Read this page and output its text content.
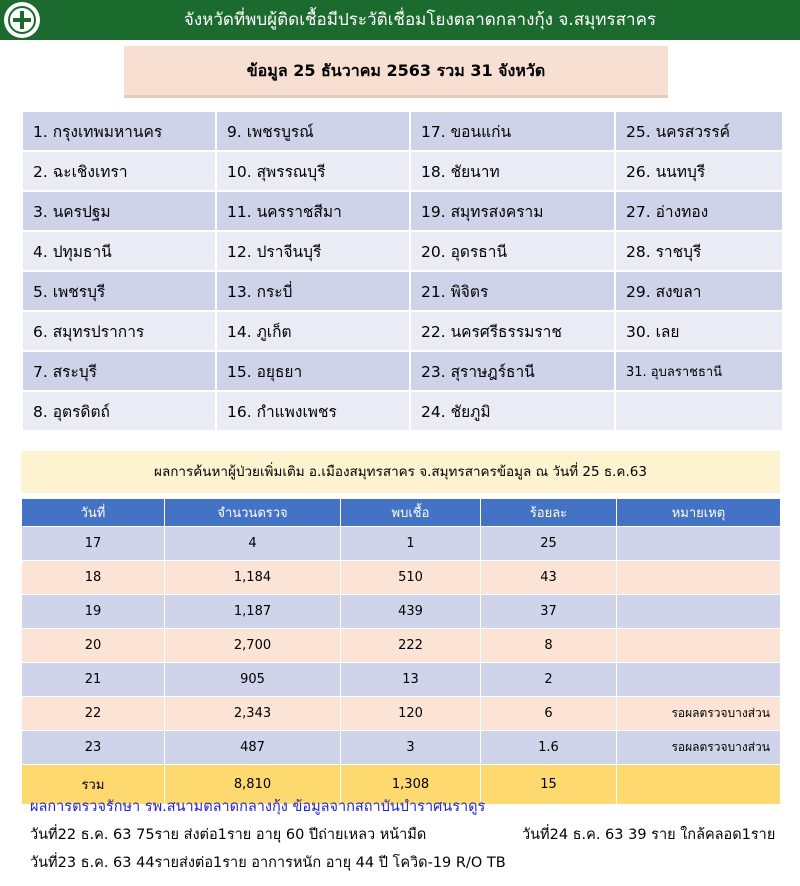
จังหวัดที่พบผู้ติดเชื้อมีประวัติเชื่อมโยงตลาดกลางกุ้ง จ.สมุทรสาคร
ข้อมูล 25 ธันวาคม 2563 รวม 31 จังหวัด
1. กรุงเทพมหานคร	9. เพชรบูรณ์	17. ขอนแก่น	25. นครสวรรค์
2. ฉะเชิงเทรา	10. สุพรรณบุรี	18. ชัยนาท	26. นนทบุรี
3. นครปฐม	11. นครราชสีมา	19. สมุทรสงคราม	27. อ่างทอง
4. ปทุมธานี	12. ปราจีนบุรี	20. อุดรธานี	28. ราชบุรี
5. เพชรบุรี	13. กระบี่	21. พิจิตร	29. สงขลา
6. สมุทรปราการ	14. ภูเก็ต	22. นครศรีธรรมราช	30. เลย
7. สระบุรี	15. อยุธยา	23. สุราษฎร์ธานี	31. อุบลราชธานี
8. อุตรดิตถ์	16. กำแพงเพชร	24. ชัยภูมิ	
ผลการค้นหาผู้ป่วยเพิ่มเติม อ.เมืองสมุทรสาคร จ.สมุทรสาครข้อมูล ณ วันที่ 25 ธ.ค.63
วันที่	จำนวนตรวจ	พบเชื้อ	ร้อยละ	หมายเหตุ
17	4	1	25	
18	1,184	510	43	
19	1,187	439	37	
20	2,700	222	8	
21	905	13	2	
22	2,343	120	6	รอผลตรวจบางส่วน
23	487	3	1.6	รอผลตรวจบางส่วน
รวม	8,810	1,308	15	
ผลการตรวจรักษา รพ.สนามตลาดกลางกุ้ง ข้อมูลจากสถาบันบำราศนราดูร
วันที่22 ธ.ค. 63 75ราย ส่งต่อ1ราย อายุ 60 ปีถ่ายเหลว หน้ามืด	วันที่24 ธ.ค. 63 39 ราย ใกล้คลอด1ราย
วันที่23 ธ.ค. 63 44รายส่งต่อ1ราย อาการหนัก อายุ 44 ปี โควิด-19 R/O TB
